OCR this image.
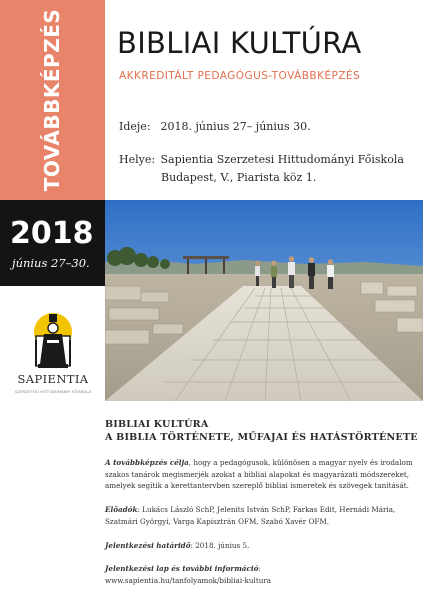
TOVÁBBKÉPZÉS BIBLIAI KULTÚRA
AKKREDITÁLT PEDAGÓGUS-TOVÁBBKÉPZÉS
Ideje: 2018. június 27– június 30.
Helye: Sapientia Szerzetesi Hittudományi Főiskola
Budapest, V., Piarista köz 1.
2018
június 27–30.
SAPIENTIA
SZERZETESI HITTUDOMÁNYI FŐISKOLA
BIBLIAI KULTÚRA
A BIBLIA TÖRTÉNETE, MŰFAJAI ÉS HATÁSTÖRTÉNETE
A továbbképzés célja, hogy a pedagógusok, különösen a magyar nyelv és irodalom szakos tanárok megismerjék azokat a bibliai alapokat és magyarázati módszereket, amelyek segítik a kerettantervben szereplő bibliai ismeretek és szövegek tanítását.
Előadók: Lukács László SchP, Jelenits István SchP, Farkas Edit, Hernádi Mária, Szatmári Györgyi, Varga Kapisztrán OFM, Szabó Xavér OFM.
Jelentkezési határidő: 2018. június 5.
Jelentkezési lap és további információ:
www.sapientia.hu/tanfolyamok/bibliai-kultura
